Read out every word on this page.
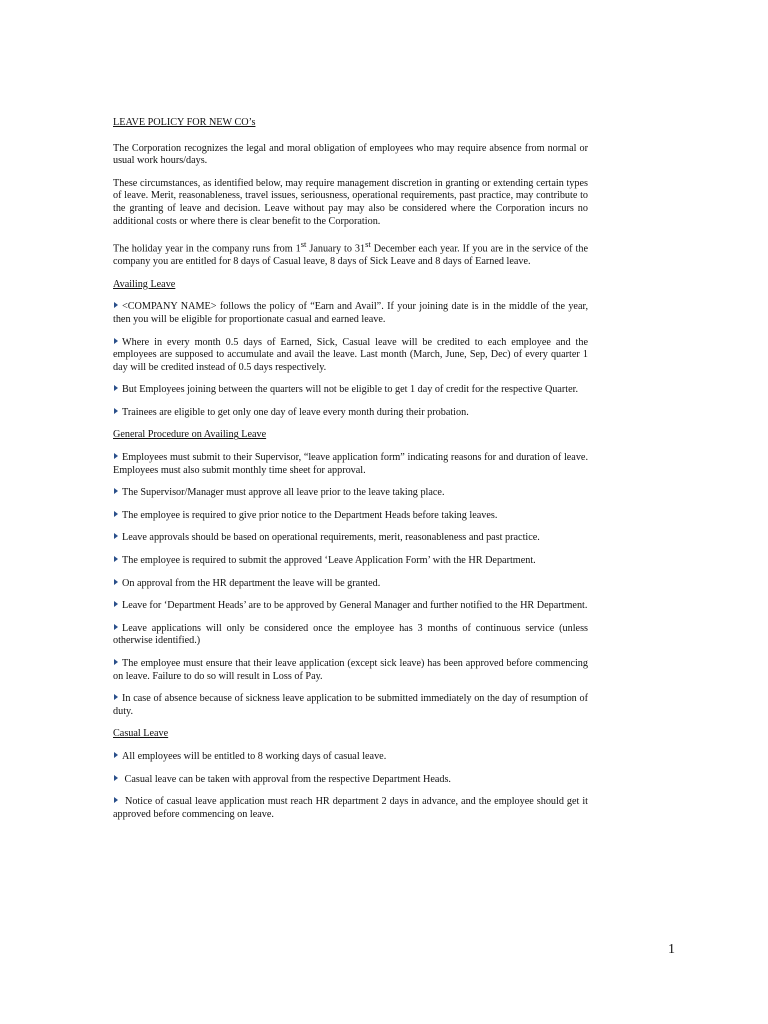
LEAVE POLICY FOR NEW CO’s

The Corporation recognizes the legal and moral obligation of employees who may require absence from normal or usual work hours/days.

These circumstances, as identified below, may require management discretion in granting or extending certain types of leave. Merit, reasonableness, travel issues, seriousness, operational requirements, past practice, may contribute to the granting of leave and decision. Leave without pay may also be considered where the Corporation incurs no additional costs or where there is clear benefit to the Corporation.

The holiday year in the company runs from 1st January to 31st December each year. If you are in the service of the company you are entitled for 8 days of Casual leave, 8 days of Sick Leave and 8 days of Earned leave.

Availing Leave

<COMPANY NAME> follows the policy of “Earn and Avail”. If your joining date is in the middle of the year, then you will be eligible for proportionate casual and earned leave.

Where in every month 0.5 days of Earned, Sick, Casual leave will be credited to each employee and the employees are supposed to accumulate and avail the leave. Last month (March, June, Sep, Dec) of every quarter 1 day will be credited instead of 0.5 days respectively.

But Employees joining between the quarters will not be eligible to get 1 day of credit for the respective Quarter.

Trainees are eligible to get only one day of leave every month during their probation.

General Procedure on Availing Leave

Employees must submit to their Supervisor, “leave application form” indicating reasons for and duration of leave. Employees must also submit monthly time sheet for approval.

The Supervisor/Manager must approve all leave prior to the leave taking place.

The employee is required to give prior notice to the Department Heads before taking leaves.

Leave approvals should be based on operational requirements, merit, reasonableness and past practice.

The employee is required to submit the approved ‘Leave Application Form’ with the HR Department.

On approval from the HR department the leave will be granted.

Leave for ‘Department Heads’ are to be approved by General Manager and further notified to the HR Department.

Leave applications will only be considered once the employee has 3 months of continuous service (unless otherwise identified.)

The employee must ensure that their leave application (except sick leave) has been approved before commencing on leave. Failure to do so will result in Loss of Pay.

In case of absence because of sickness leave application to be submitted immediately on the day of resumption of duty.

Casual Leave

All employees will be entitled to 8 working days of casual leave.

Casual leave can be taken with approval from the respective Department Heads.

Notice of casual leave application must reach HR department 2 days in advance, and the employee should get it approved before commencing on leave.

1
